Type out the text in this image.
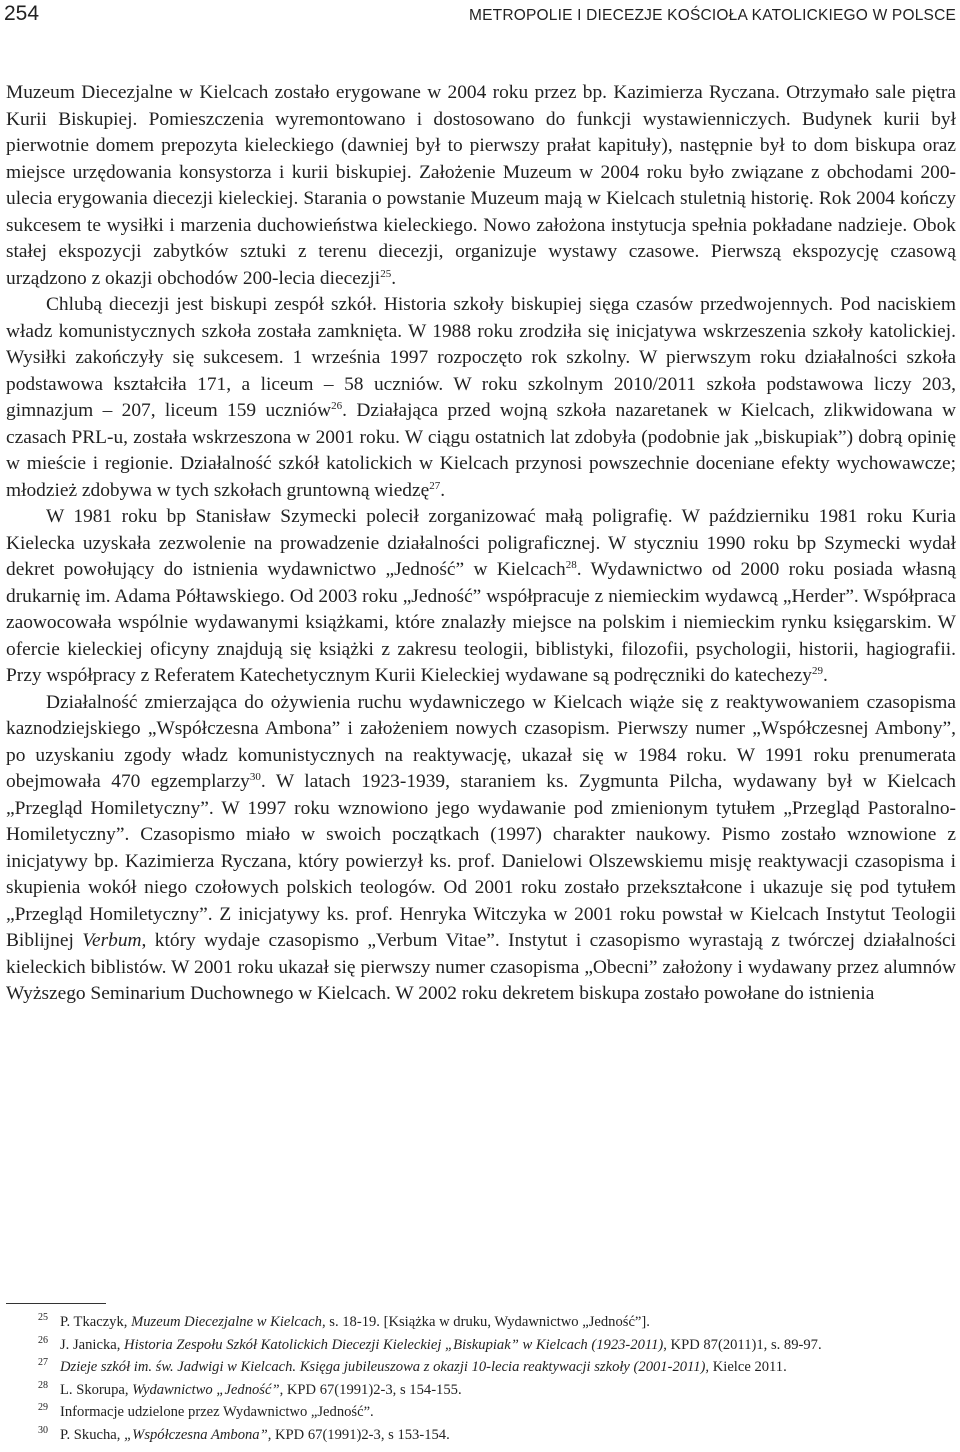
254	METROPOLIE I DIECEZJE KOŚCIOŁA KATOLICKIEGO W POLSCE

Muzeum Diecezjalne w Kielcach zostało erygowane w 2004 roku przez bp. Kazimierza Ryczana. Otrzymało sale piętra Kurii Biskupiej. Pomieszczenia wyremontowano i dostosowano do funkcji wystawienniczych. Budynek kurii był pierwotnie domem prepozyta kieleckiego (dawniej był to pierwszy prałat kapituły), następnie był to dom biskupa oraz miejsce urzędowania konsystorza i kurii biskupiej. Założenie Muzeum w 2004 roku było związane z obchodami 200-ulecia erygowania diecezji kieleckiej. Starania o powstanie Muzeum mają w Kielcach stuletnią historię. Rok 2004 kończy sukcesem te wysiłki i marzenia duchowieństwa kieleckiego. Nowo założona instytucja spełnia pokładane nadzieje. Obok stałej ekspozycji zabytków sztuki z terenu diecezji, organizuje wystawy czasowe. Pierwszą ekspozycję czasową urządzono z okazji obchodów 200-lecia diecezji$^{25}$.

Chlubą diecezji jest biskupi zespół szkół. Historia szkoły biskupiej sięga czasów przedwojennych. Pod naciskiem władz komunistycznych szkoła została zamknięta. W 1988 roku zrodziła się inicjatywa wskrzeszenia szkoły katolickiej. Wysiłki zakończyły się sukcesem. 1 września 1997 rozpoczęto rok szkolny. W pierwszym roku działalności szkoła podstawowa kształciła 171, a liceum – 58 uczniów. W roku szkolnym 2010/2011 szkoła podstawowa liczy 203, gimnazjum – 207, liceum 159 uczniów$^{26}$. Działająca przed wojną szkoła nazaretanek w Kielcach, zlikwidowana w czasach PRL-u, została wskrzeszona w 2001 roku. W ciągu ostatnich lat zdobyła (podobnie jak „biskupiak”) dobrą opinię w mieście i regionie. Działalność szkół katolickich w Kielcach przynosi powszechnie doceniane efekty wychowawcze; młodzież zdobywa w tych szkołach gruntowną wiedzę$^{27}$.

W 1981 roku bp Stanisław Szymecki polecił zorganizować małą poligrafię. W październiku 1981 roku Kuria Kielecka uzyskała zezwolenie na prowadzenie działalności poligraficznej. W styczniu 1990 roku bp Szymecki wydał dekret powołujący do istnienia wydawnictwo „Jedność” w Kielcach$^{28}$. Wydawnictwo od 2000 roku posiada własną drukarnię im. Adama Półtawskiego. Od 2003 roku „Jedność” współpracuje z niemieckim wydawcą „Herder”. Współpraca zaowocowała wspólnie wydawanymi książkami, które znalazły miejsce na polskim i niemieckim rynku księgarskim. W ofercie kieleckiej oficyny znajdują się książki z zakresu teologii, biblistyki, filozofii, psychologii, historii, hagiografii. Przy współpracy z Referatem Katechetycznym Kurii Kieleckiej wydawane są podręczniki do katechezy$^{29}$.

Działalność zmierzająca do ożywienia ruchu wydawniczego w Kielcach wiąże się z reaktywowaniem czasopisma kaznodziejskiego „Współczesna Ambona” i założeniem nowych czasopism. Pierwszy numer „Współczesnej Ambony”, po uzyskaniu zgody władz komunistycznych na reaktywację, ukazał się w 1984 roku. W 1991 roku prenumerata obejmowała 470 egzemplarzy$^{30}$. W latach 1923-1939, staraniem ks. Zygmunta Pilcha, wydawany był w Kielcach „Przegląd Homiletyczny”. W 1997 roku wznowiono jego wydawanie pod zmienionym tytułem „Przegląd Pastoralno-Homiletyczny”. Czasopismo miało w swoich początkach (1997) charakter naukowy. Pismo zostało wznowione z inicjatywy bp. Kazimierza Ryczana, który powierzył ks. prof. Danielowi Olszewskiemu misję reaktywacji czasopisma i skupienia wokół niego czołowych polskich teologów. Od 2001 roku zostało przekształcone i ukazuje się pod tytułem „Przegląd Homiletyczny”. Z inicjatywy ks. prof. Henryka Witczyka w 2001 roku powstał w Kielcach Instytut Teologii Biblijnej Verbum, który wydaje czasopismo „Verbum Vitae”. Instytut i czasopismo wyrastają z twórczej działalności kieleckich biblistów. W 2001 roku ukazał się pierwszy numer czasopisma „Obecni” założony i wydawany przez alumnów Wyższego Seminarium Duchownego w Kielcach. W 2002 roku dekretem biskupa zostało powołane do istnienia

25 P. Tkaczyk, Muzeum Diecezjalne w Kielcach, s. 18-19. [Książka w druku, Wydawnictwo „Jedność”].

26 J. Janicka, Historia Zespołu Szkół Katolickich Diecezji Kieleckiej „Biskupiak” w Kielcach (1923-2011), KPD 87(2011)1, s. 89-97.

27 Dzieje szkół im. św. Jadwigi w Kielcach. Księga jubileuszowa z okazji 10-lecia reaktywacji szkoły (2001-2011), Kielce 2011.

28 L. Skorupa, Wydawnictwo „Jedność”, KPD 67(1991)2-3, s 154-155.

29 Informacje udzielone przez Wydawnictwo „Jedność”.

30 P. Skucha, „Współczesna Ambona”, KPD 67(1991)2-3, s 153-154.
